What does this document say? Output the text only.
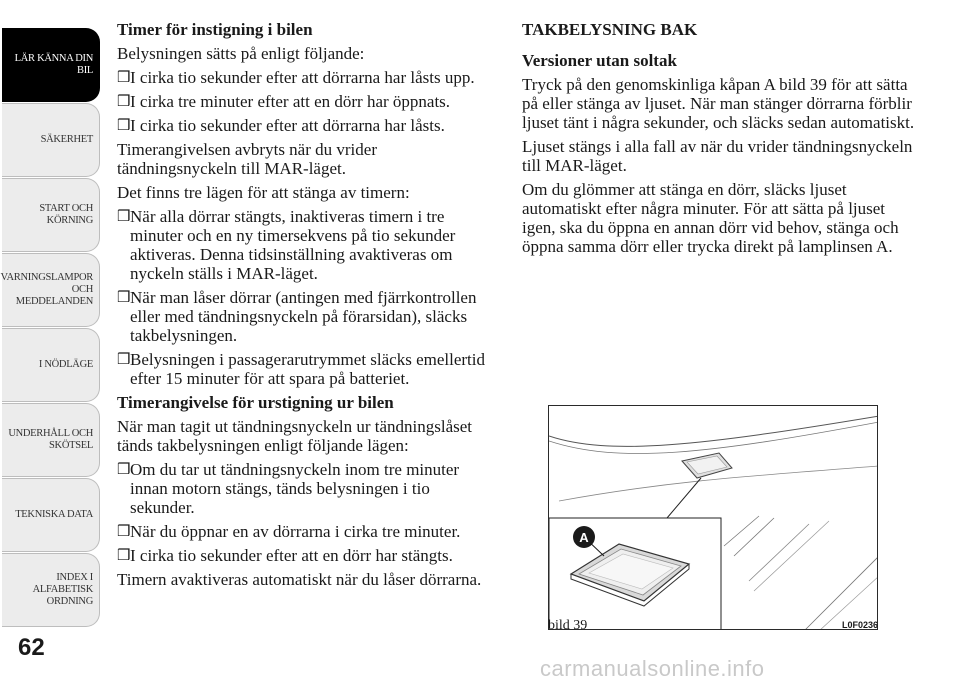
LÄR KÄNNA DIN
BIL
SÄKERHET
START OCH
KÖRNING
VARNINGSLAMPOR
OCH
MEDDELANDEN
I NÖDLÄGE
UNDERHÅLL OCH
SKÖTSEL
TEKNISKA DATA
INDEX I
ALFABETISK
ORDNING
62
Timer för instigning i bilen

Belysningen sätts på enligt följande:

❒ I cirka tio sekunder efter att dörrarna har låsts upp.
❒ I cirka tre minuter efter att en dörr har öppnats.
❒ I cirka tio sekunder efter att dörrarna har låsts.

Timerangivelsen avbryts när du vrider tändningsnyckeln till MAR-läget.

Det finns tre lägen för att stänga av timern:

❒ När alla dörrar stängts, inaktiveras timern i tre minuter och en ny timersekvens på tio sekunder aktiveras. Denna tidsinställning avaktiveras om nyckeln ställs i MAR-läget.
❒ När man låser dörrar (antingen med fjärrkontrollen eller med tändningsnyckeln på förarsidan), släcks takbelysningen.
❒ Belysningen i passagerarutrymmet släcks emellertid efter 15 minuter för att spara på batteriet.
Timerangivelse för urstigning ur bilen

När man tagit ut tändningsnyckeln ur tändningslåset tänds takbelysningen enligt följande lägen:

❒ Om du tar ut tändningsnyckeln inom tre minuter innan motorn stängs, tänds belysningen i tio sekunder.
❒ När du öppnar en av dörrarna i cirka tre minuter.
❒ I cirka tio sekunder efter att en dörr har stängts.

Timern avaktiveras automatiskt när du låser dörrarna.

TAKBELYSNING BAK
Versioner utan soltak

Tryck på den genomskinliga kåpan A bild 39 för att sätta på eller stänga av ljuset. När man stänger dörrarna förblir ljuset tänt i några sekunder, och släcks sedan automatiskt.

Ljuset stängs i alla fall av när du vrider tändningsnyckeln till MAR-läget.

Om du glömmer att stänga en dörr, släcks ljuset automatiskt efter några minuter. För att sätta på ljuset igen, ska du öppna en annan dörr vid behov, stänga och öppna samma dörr eller trycka direkt på lamplinsen A.

A
bild 39	L0F0236
carmanualsonline.info
